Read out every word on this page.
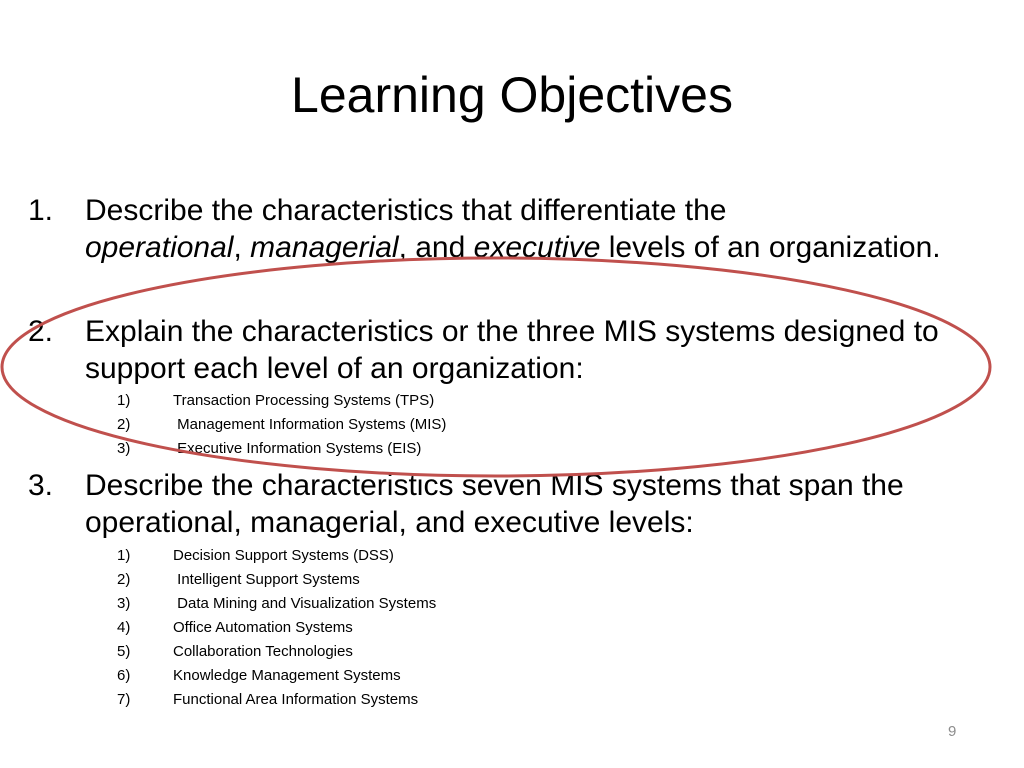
Learning Objectives
1.	Describe the characteristics that differentiate the
operational, managerial, and executive levels of an organization.
2.	Explain the characteristics or the three MIS systems designed to support each level of an organization:
1)	Transaction Processing Systems (TPS)
2)	Management Information Systems (MIS)
3)	Executive Information Systems (EIS)
3.	Describe the characteristics seven MIS systems that span the operational, managerial, and executive levels:
1)	Decision Support Systems (DSS)
2)	Intelligent Support Systems
3)	Data Mining and Visualization Systems
4)	Office Automation Systems
5)	Collaboration Technologies
6)	Knowledge Management Systems
7)	Functional Area Information Systems
9
